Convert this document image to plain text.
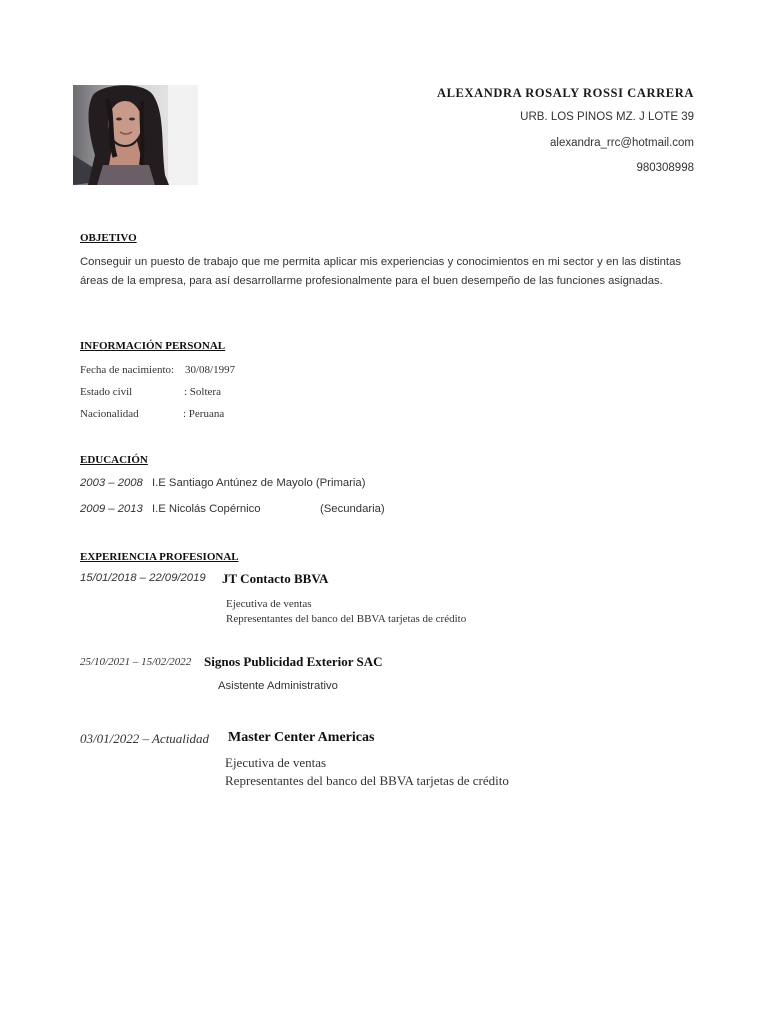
ALEXANDRA ROSALY ROSSI CARRERA
URB. LOS PINOS MZ. J LOTE 39
alexandra_rrc@hotmail.com
980308998
OBJETIVO
Conseguir un puesto de trabajo que me permita aplicar mis experiencias y conocimientos en mi sector y en las distintas áreas de la empresa, para así desarrollarme profesionalmente para el buen desempeño de las funciones asignadas.
INFORMACIÓN PERSONAL
Fecha de nacimiento: 30/08/1997
Estado civil	: Soltera
Nacionalidad	: Peruana
EDUCACIÓN
2003 – 2008 I.E Santiago Antúnez de Mayolo (Primaria)
2009 – 2013 I.E Nicolás Copérnico	(Secundaria)
EXPERIENCIA PROFESIONAL
15/01/2018 – 22/09/2019 JT Contacto BBVA
Ejecutiva de ventas
Representantes del banco del BBVA tarjetas de crédito
25/10/2021 – 15/02/2022 Signos Publicidad Exterior SAC
Asistente Administrativo
03/01/2022 – Actualidad Master Center Americas
Ejecutiva de ventas
Representantes del banco del BBVA tarjetas de crédito
